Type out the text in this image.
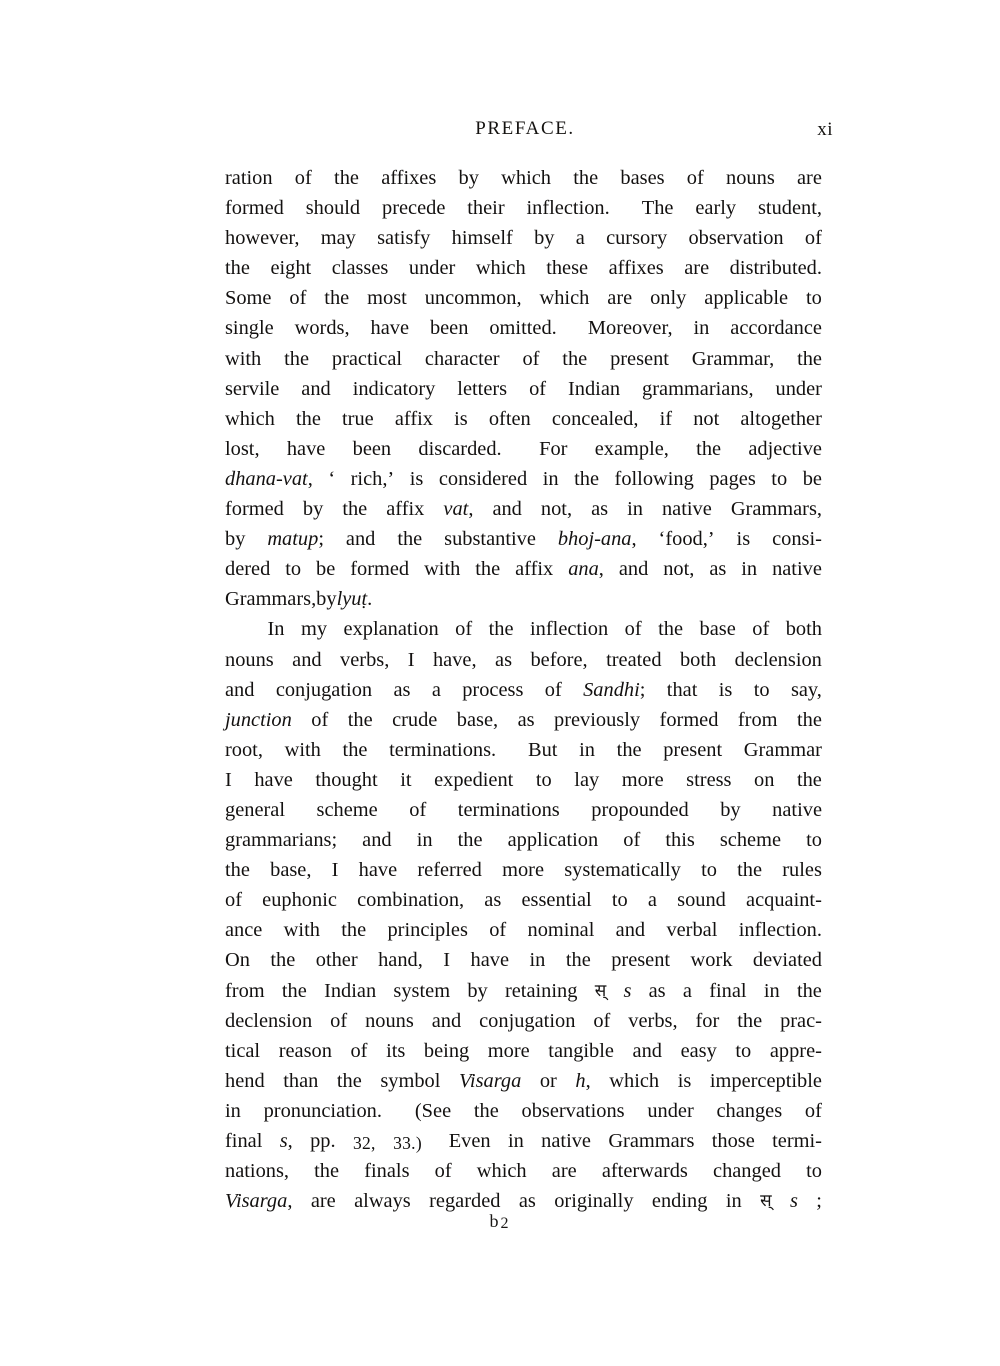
PREFACE.	xi
ration of the affixes by which the bases of nouns are
formed should precede their inflection. The early student,
however, may satisfy himself by a cursory observation of
the eight classes under which these affixes are distributed.
Some of the most uncommon, which are only applicable to
single words, have been omitted. Moreover, in accordance
with the practical character of the present Grammar, the
servile and indicatory letters of Indian grammarians, under
which the true affix is often concealed, if not altogether
lost, have been discarded. For example, the adjective
dhana-vat, ‘ rich,’ is considered in the following pages to be
formed by the affix vat, and not, as in native Grammars,
by matup; and the substantive bhoj-ana, ‘food,’ is consi-
dered to be formed with the affix ana, and not, as in native
Grammars, by lyuṭ.
In my explanation of the inflection of the base of both
nouns and verbs, I have, as before, treated both declension
and conjugation as a process of Sandhi; that is to say,
junction of the crude base, as previously formed from the
root, with the terminations. But in the present Grammar
I have thought it expedient to lay more stress on the
general scheme of terminations propounded by native
grammarians; and in the application of this scheme to
the base, I have referred more systematically to the rules
of euphonic combination, as essential to a sound acquaint-
ance with the principles of nominal and verbal inflection.
On the other hand, I have in the present work deviated
from the Indian system by retaining स् s as a final in the
declension of nouns and conjugation of verbs, for the prac-
tical reason of its being more tangible and easy to appre-
hend than the symbol Visarga or h, which is imperceptible
in pronunciation. (See the observations under changes of
final s, pp. 32, 33.) Even in native Grammars those termi-
nations, the finals of which are afterwards changed to
Visarga, are always regarded as originally ending in स् s ;
b2
